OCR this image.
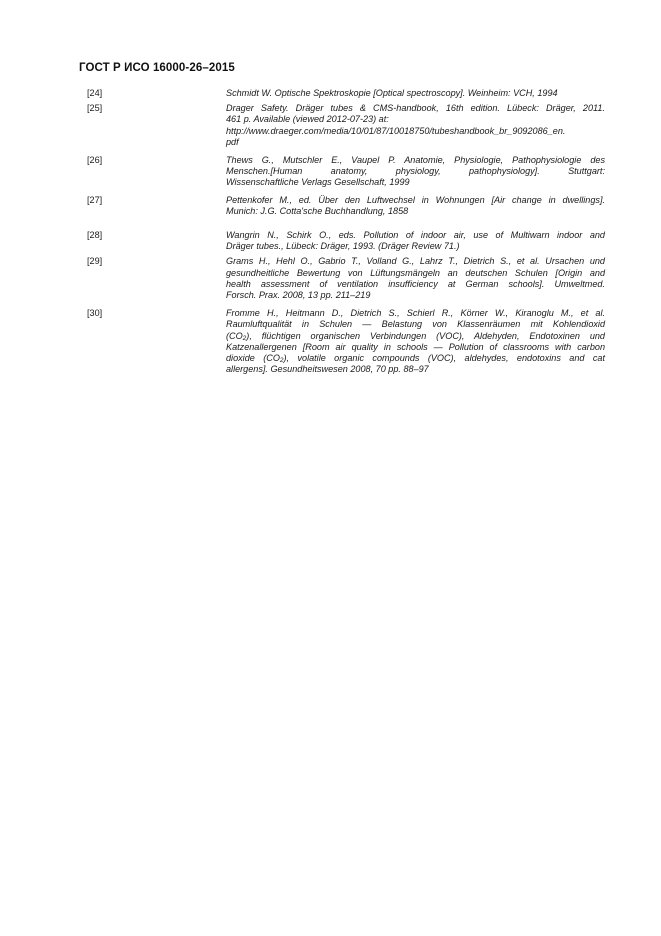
ГОСТ Р ИСО 16000-26–2015
[24]	Schmidt W. Optische Spektroskopie [Optical spectroscopy]. Weinheim: VCH, 1994
[25]	Drager Safety. Dräger tubes & CMS-handbook, 16th edition. Lübeck: Dräger, 2011.
461 p. Available (viewed 2012-07-23) at:
http://www.draeger.com/media/10/01/87/10018750/tubeshandbook_br_9092086_en.
pdf
[26]	Thews G., Mutschler E., Vaupel P. Anatomie, Physiologie, Pathophysiologie des
Menschen.[Human anatomy, physiology, pathophysiology]. Stuttgart:
Wissenschaftliche Verlags Gesellschaft, 1999
[27]	Pettenkofer M., ed. Über den Luftwechsel in Wohnungen [Air change in dwellings].
Munich: J.G. Cotta'sche Buchhandlung, 1858
[28]	Wangrin N., Schirk O., eds. Pollution of indoor air, use of Multiwarn indoor and
Dräger tubes., Lübeck: Dräger, 1993. (Dräger Review 71.)
[29]	Grams H., Hehl O., Gabrio T., Volland G., Lahrz T., Dietrich S., et al. Ursachen und
gesundheitliche Bewertung von Lüftungsmängeln an deutschen Schulen [Origin and
health assessment of ventilation insufficiency at German schools]. Umweltmed.
Forsch. Prax. 2008, 13 pp. 211–219
[30]	Fromme H., Heitmann D., Dietrich S., Schierl R., Körner W., Kiranoglu M., et al.
Raumluftqualität in Schulen — Belastung von Klassenräumen mit Kohlendioxid
$(CO_2)$, flüchtigen organischen Verbindungen (VOC), Aldehyden, Endotoxinen und
Katzenallergenen [Room air quality in schools — Pollution of classrooms with carbon
dioxide $(CO_2)$, volatile organic compounds (VOC), aldehydes, endotoxins and cat
allergens]. Gesundheitswesen 2008, 70 pp. 88–97
